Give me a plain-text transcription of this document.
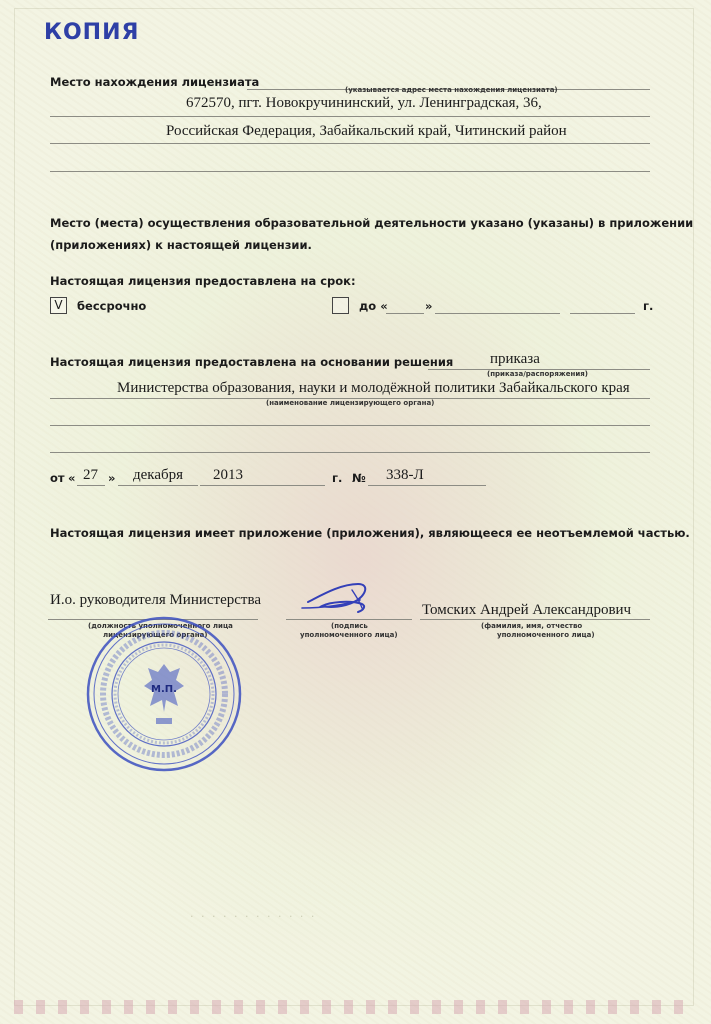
КОПИЯ
Место нахождения лицензиата
(указывается адрес места нахождения лицензиата)
672570, пгт. Новокручининский, ул. Ленинградская, 36,
Российская Федерация, Забайкальский край, Читинский район
Место (места) осуществления образовательной деятельности указано (указаны) в приложении
(приложениях) к настоящей лицензии.
Настоящая лицензия предоставлена на срок:
V	бессрочно	до «	»	г.
Настоящая лицензия предоставлена на основании решения приказа
(приказа/распоряжения)
Министерства образования, науки и молодёжной политики Забайкальского края
(наименование лицензирующего органа)
от « 27 » декабря 2013	г. № 338-Л
Настоящая лицензия имеет приложение (приложения), являющееся ее неотъемлемой частью.
И.о. руководителя Министерства
(должность уполномоченного лица
лицензирующего органа)
(подпись
уполномоченного лица)
Томских Андрей Александрович
(фамилия, имя, отчество
уполномоченного лица)
М.П.
· · · · · · · · · · · ·
